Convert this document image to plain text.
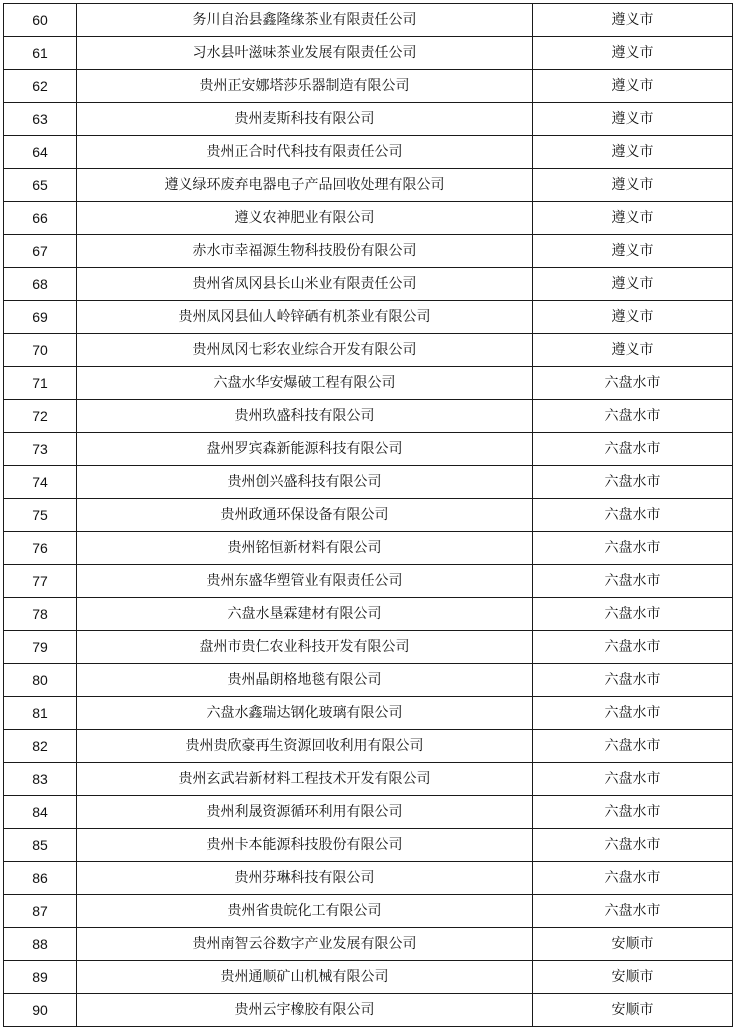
60	务川自治县鑫隆缘茶业有限责任公司	遵义市
61	习水县叶滋味茶业发展有限责任公司	遵义市
62	贵州正安娜塔莎乐器制造有限公司	遵义市
63	贵州麦斯科技有限公司	遵义市
64	贵州正合时代科技有限责任公司	遵义市
65	遵义绿环废弃电器电子产品回收处理有限公司	遵义市
66	遵义农神肥业有限公司	遵义市
67	赤水市幸福源生物科技股份有限公司	遵义市
68	贵州省凤冈县长山米业有限责任公司	遵义市
69	贵州凤冈县仙人岭锌硒有机茶业有限公司	遵义市
70	贵州凤冈七彩农业综合开发有限公司	遵义市
71	六盘水华安爆破工程有限公司	六盘水市
72	贵州玖盛科技有限公司	六盘水市
73	盘州罗宾森新能源科技有限公司	六盘水市
74	贵州创兴盛科技有限公司	六盘水市
75	贵州政通环保设备有限公司	六盘水市
76	贵州铭恒新材料有限公司	六盘水市
77	贵州东盛华塑管业有限责任公司	六盘水市
78	六盘水垦霖建材有限公司	六盘水市
79	盘州市贵仁农业科技开发有限公司	六盘水市
80	贵州晶朗格地毯有限公司	六盘水市
81	六盘水鑫瑞达钢化玻璃有限公司	六盘水市
82	贵州贵欣豪再生资源回收利用有限公司	六盘水市
83	贵州玄武岩新材料工程技术开发有限公司	六盘水市
84	贵州利晟资源循环利用有限公司	六盘水市
85	贵州卡本能源科技股份有限公司	六盘水市
86	贵州芬琳科技有限公司	六盘水市
87	贵州省贵皖化工有限公司	六盘水市
88	贵州南智云谷数字产业发展有限公司	安顺市
89	贵州通顺矿山机械有限公司	安顺市
90	贵州云宇橡胶有限公司	安顺市
